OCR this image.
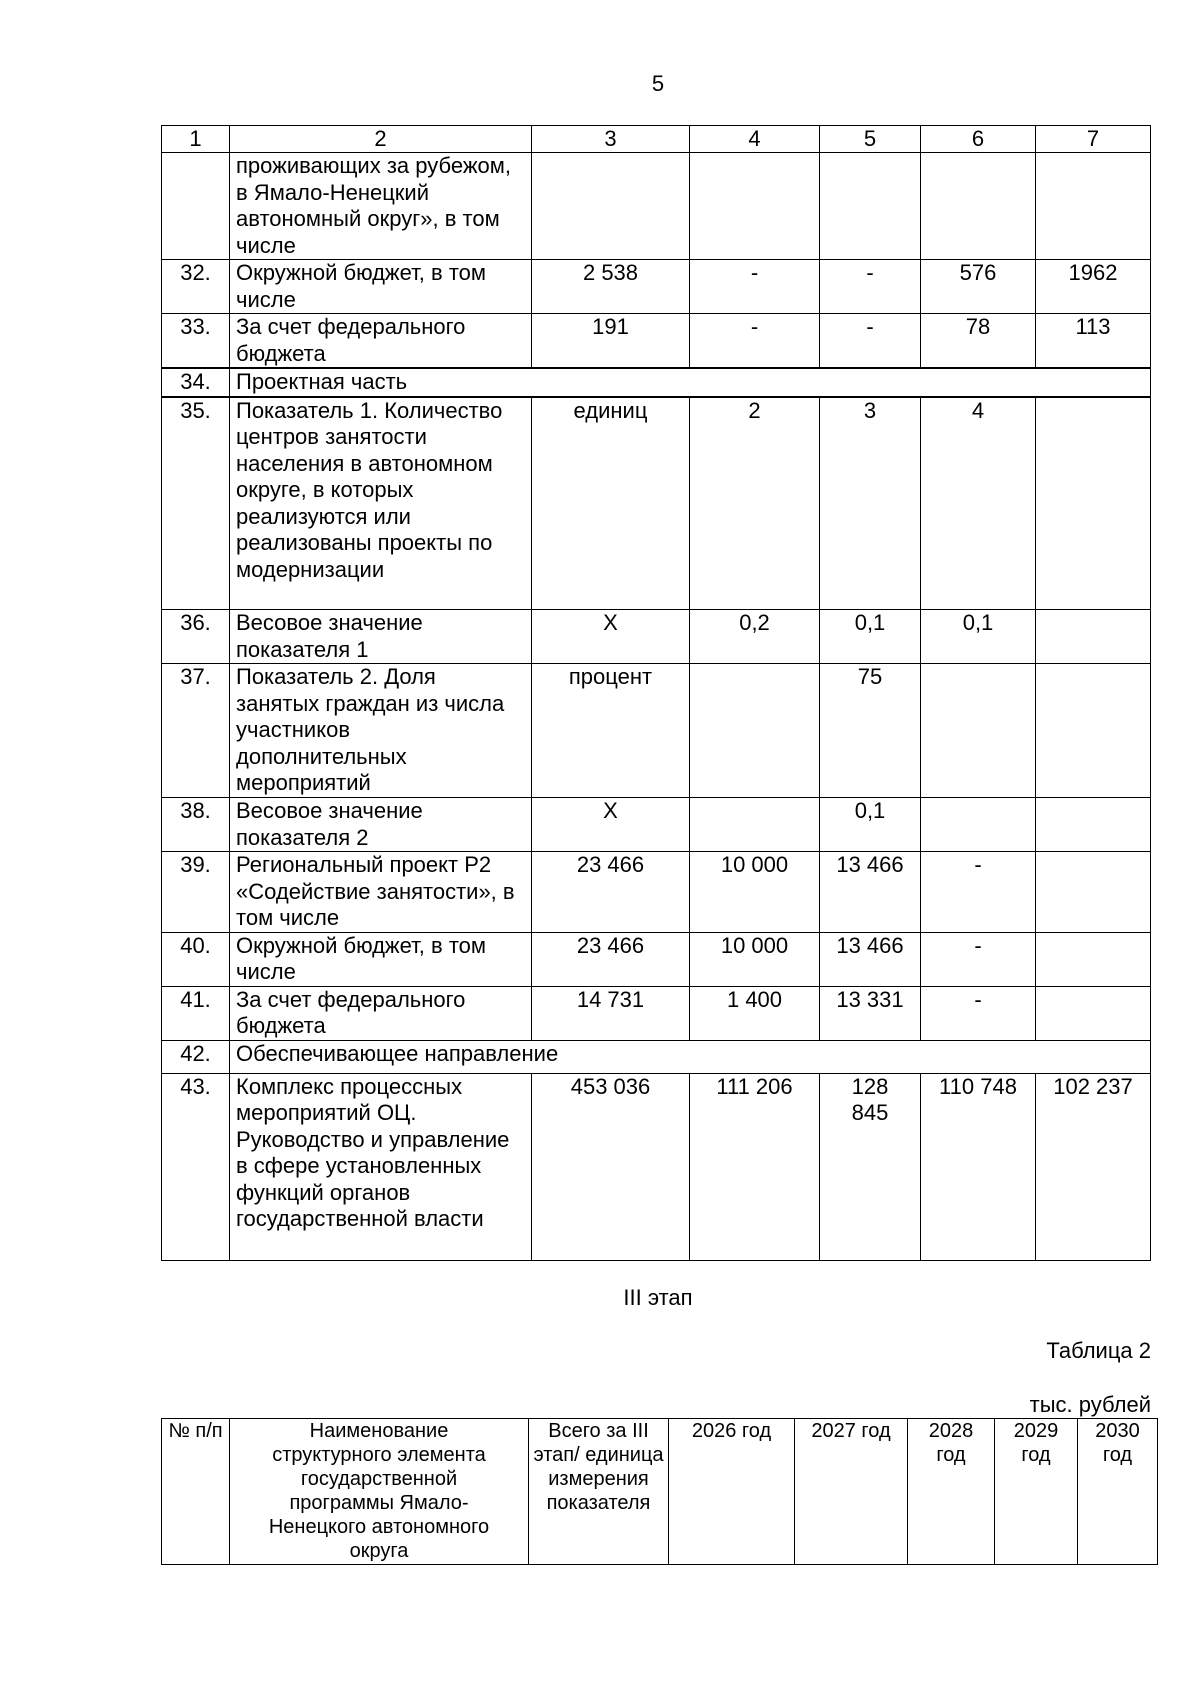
5
1	2	3	4	5	6	7
	проживающих за рубежом, в Ямало-Ненецкий автономный округ», в том числе					
32.	Окружной бюджет, в том числе	2 538	-	-	576	1962
33.	За счет федерального бюджета	191	-	-	78	113
34.	Проектная часть					
35.	Показатель 1. Количество центров занятости населения в автономном округе, в которых реализуются или реализованы проекты по модернизации	единиц	2	3	4	
36.	Весовое значение показателя 1	X	0,2	0,1	0,1	
37.	Показатель 2. Доля занятых граждан из числа участников дополнительных мероприятий	процент		75		
38.	Весовое значение показателя 2	X		0,1		
39.	Региональный проект Р2 «Содействие занятости», в том числе	23 466	10 000	13 466	-	
40.	Окружной бюджет, в том числе	23 466	10 000	13 466	-	
41.	За счет федерального бюджета	14 731	1 400	13 331	-	
42.	Обеспечивающее направление					
43.	Комплекс процессных мероприятий ОЦ. Руководство и управление в сфере установленных функций органов государственной власти	453 036	111 206	128 845	110 748	102 237
III этап
Таблица 2
тыс. рублей
№ п/п	Наименование структурного элемента государственной программы Ямало-Ненецкого автономного округа	Всего за III этап/ единица измерения показателя	2026 год	2027 год	2028 год	2029 год	2030 год
